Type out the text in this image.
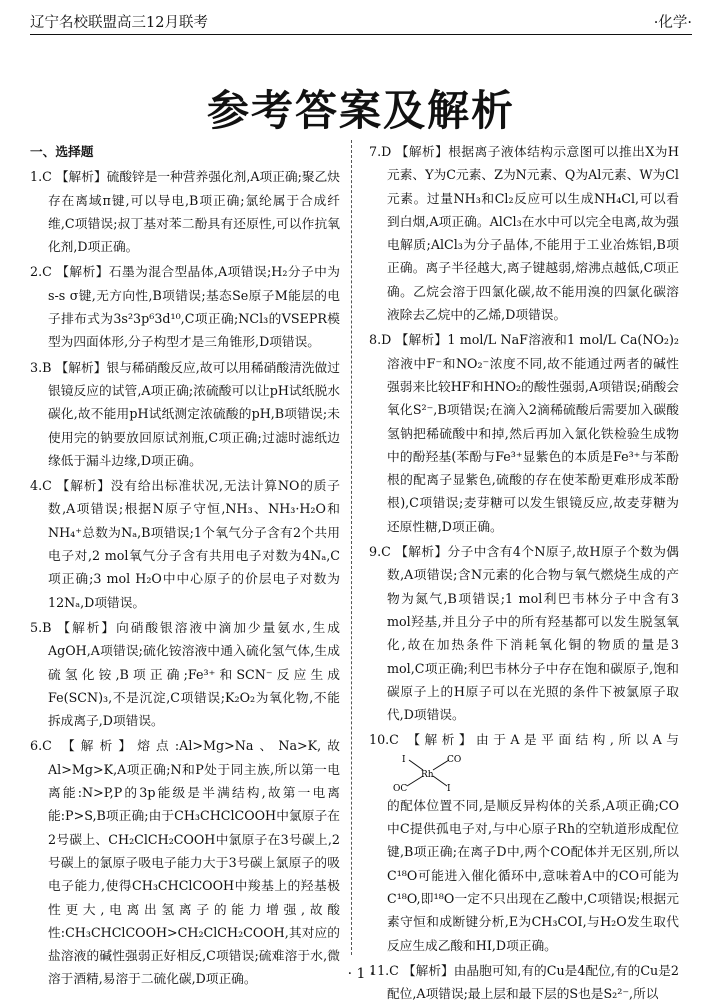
辽宁名校联盟高三12月联考	·化学·
参考答案及解析
一、选择题
1.C 【解析】硫酸锌是一种营养强化剂,A项正确;聚乙炔存在离域π键,可以导电,B项正确;氯纶属于合成纤维,C项错误;叔丁基对苯二酚具有还原性,可以作抗氧化剂,D项正确。
2.C 【解析】石墨为混合型晶体,A项错误;H₂分子中为s-s σ键,无方向性,B项错误;基态Se原子M能层的电子排布式为3s²3p⁶3d¹⁰,C项正确;NCl₃的VSEPR模型为四面体形,分子构型才是三角锥形,D项错误。
3.B 【解析】银与稀硝酸反应,故可以用稀硝酸清洗做过银镜反应的试管,A项正确;浓硫酸可以让pH试纸脱水碳化,故不能用pH试纸测定浓硫酸的pH,B项错误;未使用完的钠要放回原试剂瓶,C项正确;过滤时滤纸边缘低于漏斗边缘,D项正确。
4.C 【解析】没有给出标准状况,无法计算NO的质子数,A项错误;根据N原子守恒,NH₃、NH₃·H₂O和NH₄⁺总数为Nₐ,B项错误;1个氧气分子含有2个共用电子对,2 mol氧气分子含有共用电子对数为4Nₐ,C项正确;3 mol H₂O中中心原子的价层电子对数为12Nₐ,D项错误。
5.B 【解析】向硝酸银溶液中滴加少量氨水,生成AgOH,A项错误;硫化铵溶液中通入硫化氢气体,生成硫氢化铵,B项正确;Fe³⁺和SCN⁻反应生成Fe(SCN)₃,不是沉淀,C项错误;K₂O₂为氧化物,不能拆成离子,D项错误。
6.C 【解析】熔点:Al>Mg>Na、Na>K,故Al>Mg>K,A项正确;N和P处于同主族,所以第一电离能:N>P,P的3p能级是半满结构,故第一电离能:P>S,B项正确;由于CH₃CHClCOOH中氯原子在2号碳上、CH₂ClCH₂COOH中氯原子在3号碳上,2号碳上的氯原子吸电子能力大于3号碳上氯原子的吸电子能力,使得CH₃CHClCOOH中羧基上的羟基极性更大,电离出氢离子的能力增强,故酸性:CH₃CHClCOOH>CH₂ClCH₂COOH,其对应的盐溶液的碱性强弱正好相反,C项错误;硫难溶于水,微溶于酒精,易溶于二硫化碳,D项正确。
7.D 【解析】根据离子液体结构示意图可以推出X为H元素、Y为C元素、Z为N元素、Q为Al元素、W为Cl元素。过量NH₃和Cl₂反应可以生成NH₄Cl,可以看到白烟,A项正确。AlCl₃在水中可以完全电离,故为强电解质;AlCl₃为分子晶体,不能用于工业冶炼铝,B项正确。离子半径越大,离子键越弱,熔沸点越低,C项正确。乙烷会溶于四氯化碳,故不能用溴的四氯化碳溶液除去乙烷中的乙烯,D项错误。
8.D 【解析】1 mol/L NaF溶液和1 mol/L Ca(NO₂)₂溶液中F⁻和NO₂⁻浓度不同,故不能通过两者的碱性强弱来比较HF和HNO₂的酸性强弱,A项错误;硝酸会氧化S²⁻,B项错误;在滴入2滴稀硫酸后需要加入碳酸氢钠把稀硫酸中和掉,然后再加入氯化铁检验生成物中的酚羟基(苯酚与Fe³⁺显紫色的本质是Fe³⁺与苯酚根的配离子显紫色,硫酸的存在使苯酚更难形成苯酚根),C项错误;麦芽糖可以发生银镜反应,故麦芽糖为还原性糖,D项正确。
9.C 【解析】分子中含有4个N原子,故H原子个数为偶数,A项错误;含N元素的化合物与氧气燃烧生成的产物为氮气,B项错误;1 mol利巴韦林分子中含有3 mol羟基,并且分子中的所有羟基都可以发生脱氢氧化,故在加热条件下消耗氧化铜的物质的量是3 mol,C项正确;利巴韦林分子中存在饱和碳原子,饱和碳原子上的H原子可以在光照的条件下被氯原子取代,D项错误。
10.C 【解析】由于A是平面结构,所以A与
I	CO
Rh
OC	I
的配体位置不同,是顺反异构体的关系,A项正确;CO中C提供孤电子对,与中心原子Rh的空轨道形成配位键,B项正确;在离子D中,两个CO配体并无区别,所以C¹⁸O可能进入催化循环中,意味着A中的CO可能为C¹⁸O,即¹⁸O一定不只出现在乙酸中,C项错误;根据元素守恒和成断键分析,E为CH₃COI,与H₂O发生取代反应生成乙酸和HI,D项正确。
11.C 【解析】由晶胞可知,有的Cu是4配位,有的Cu是2配位,A项错误;最上层和最下层的S也是S₂²⁻,所以
· 1 ·
